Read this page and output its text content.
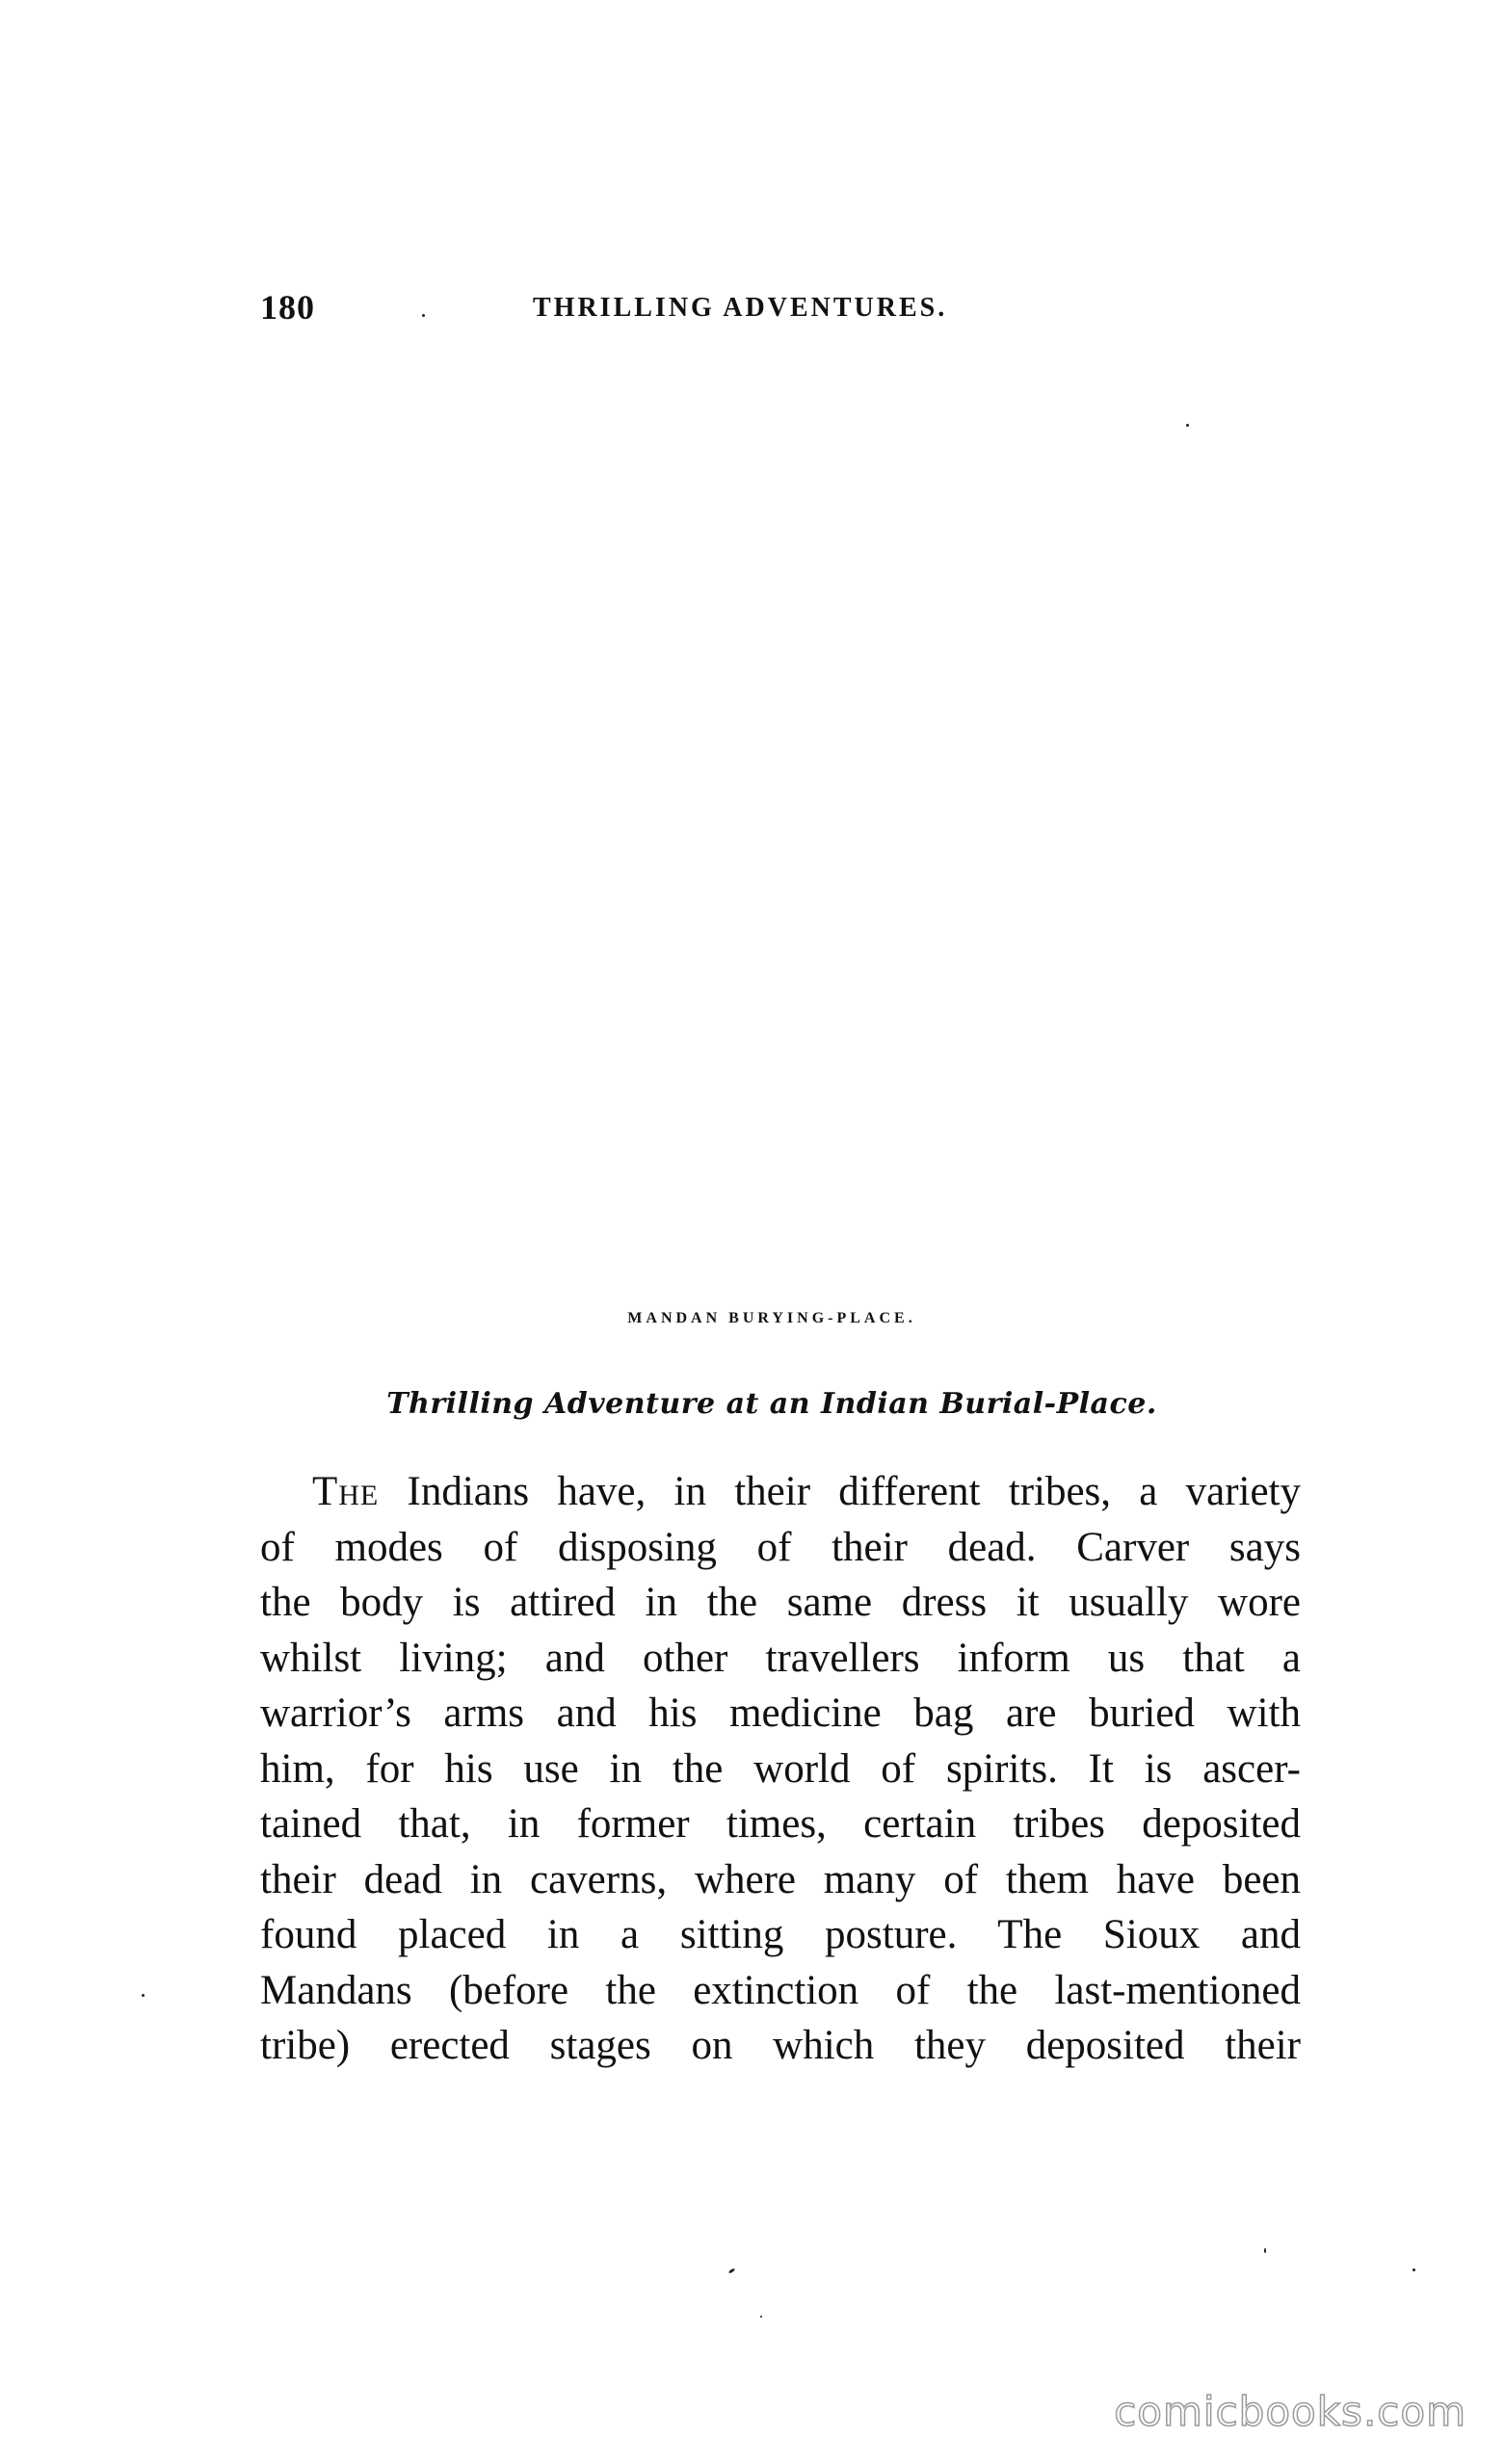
180	THRILLING ADVENTURES.
MANDAN BURYING-PLACE.
Thrilling Adventure at an Indian Burial-Place.
The Indians have, in their different tribes, a variety
of modes of disposing of their dead. Carver says
the body is attired in the same dress it usually wore
whilst living; and other travellers inform us that a
warrior’s arms and his medicine bag are buried with
him, for his use in the world of spirits. It is ascer-
tained that, in former times, certain tribes deposited
their dead in caverns, where many of them have been
found placed in a sitting posture. The Sioux and
Mandans (before the extinction of the last-mentioned
tribe) erected stages on which they deposited their
comicbooks.com
